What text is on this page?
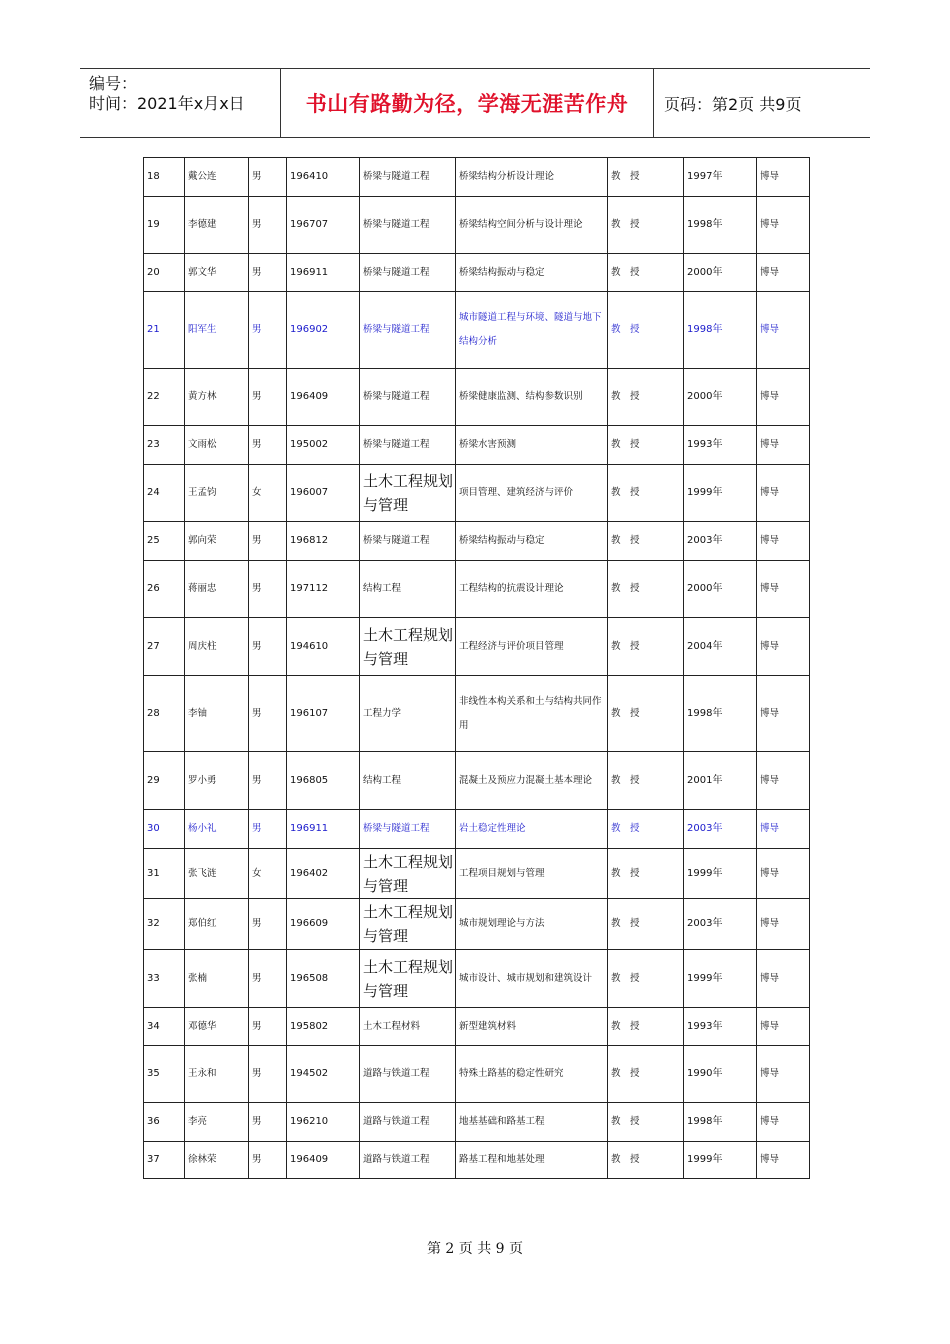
编号：
时间：2021年x月x日	书山有路勤为径，学海无涯苦作舟 页码：第2页 共9页
18	戴公连	男	196410	桥梁与隧道工程	桥梁结构分析设计理论	教　授	1997年	博导
19	李德建	男	196707	桥梁与隧道工程	桥梁结构空间分析与设计理论	教　授	1998年	博导
20	郭文华	男	196911	桥梁与隧道工程	桥梁结构振动与稳定	教　授	2000年	博导
21	阳军生	男	196902	桥梁与隧道工程	城市隧道工程与环境、隧道与地下结构分析	教　授	1998年	博导
22	黄方林	男	196409	桥梁与隧道工程	桥梁健康监测、结构参数识别	教　授	2000年	博导
23	文雨松	男	195002	桥梁与隧道工程	桥梁水害预测	教　授	1993年	博导
24	王孟钧	女	196007	土木工程规划与管理	项目管理、建筑经济与评价	教　授	1999年	博导
25	郭向荣	男	196812	桥梁与隧道工程	桥梁结构振动与稳定	教　授	2003年	博导
26	蒋丽忠	男	197112	结构工程	工程结构的抗震设计理论	教　授	2000年	博导
27	周庆柱	男	194610	土木工程规划与管理	工程经济与评价项目管理	教　授	2004年	博导
28	李铀	男	196107	工程力学	非线性本构关系和土与结构共同作用	教　授	1998年	博导
29	罗小勇	男	196805	结构工程	混凝土及预应力混凝土基本理论	教　授	2001年	博导
30	杨小礼	男	196911	桥梁与隧道工程	岩土稳定性理论	教　授	2003年	博导
31	张飞涟	女	196402	土木工程规划与管理	工程项目规划与管理	教　授	1999年	博导
32	郑伯红	男	196609	土木工程规划与管理	城市规划理论与方法	教　授	2003年	博导
33	张楠	男	196508	土木工程规划与管理	城市设计、城市规划和建筑设计	教　授	1999年	博导
34	邓德华	男	195802	土木工程材料	新型建筑材料	教　授	1993年	博导
35	王永和	男	194502	道路与铁道工程	特殊土路基的稳定性研究	教　授	1990年	博导
36	李亮	男	196210	道路与铁道工程	地基基础和路基工程	教　授	1998年	博导
37	徐林荣	男	196409	道路与铁道工程	路基工程和地基处理	教　授	1999年	博导
第 2 页 共 9 页
